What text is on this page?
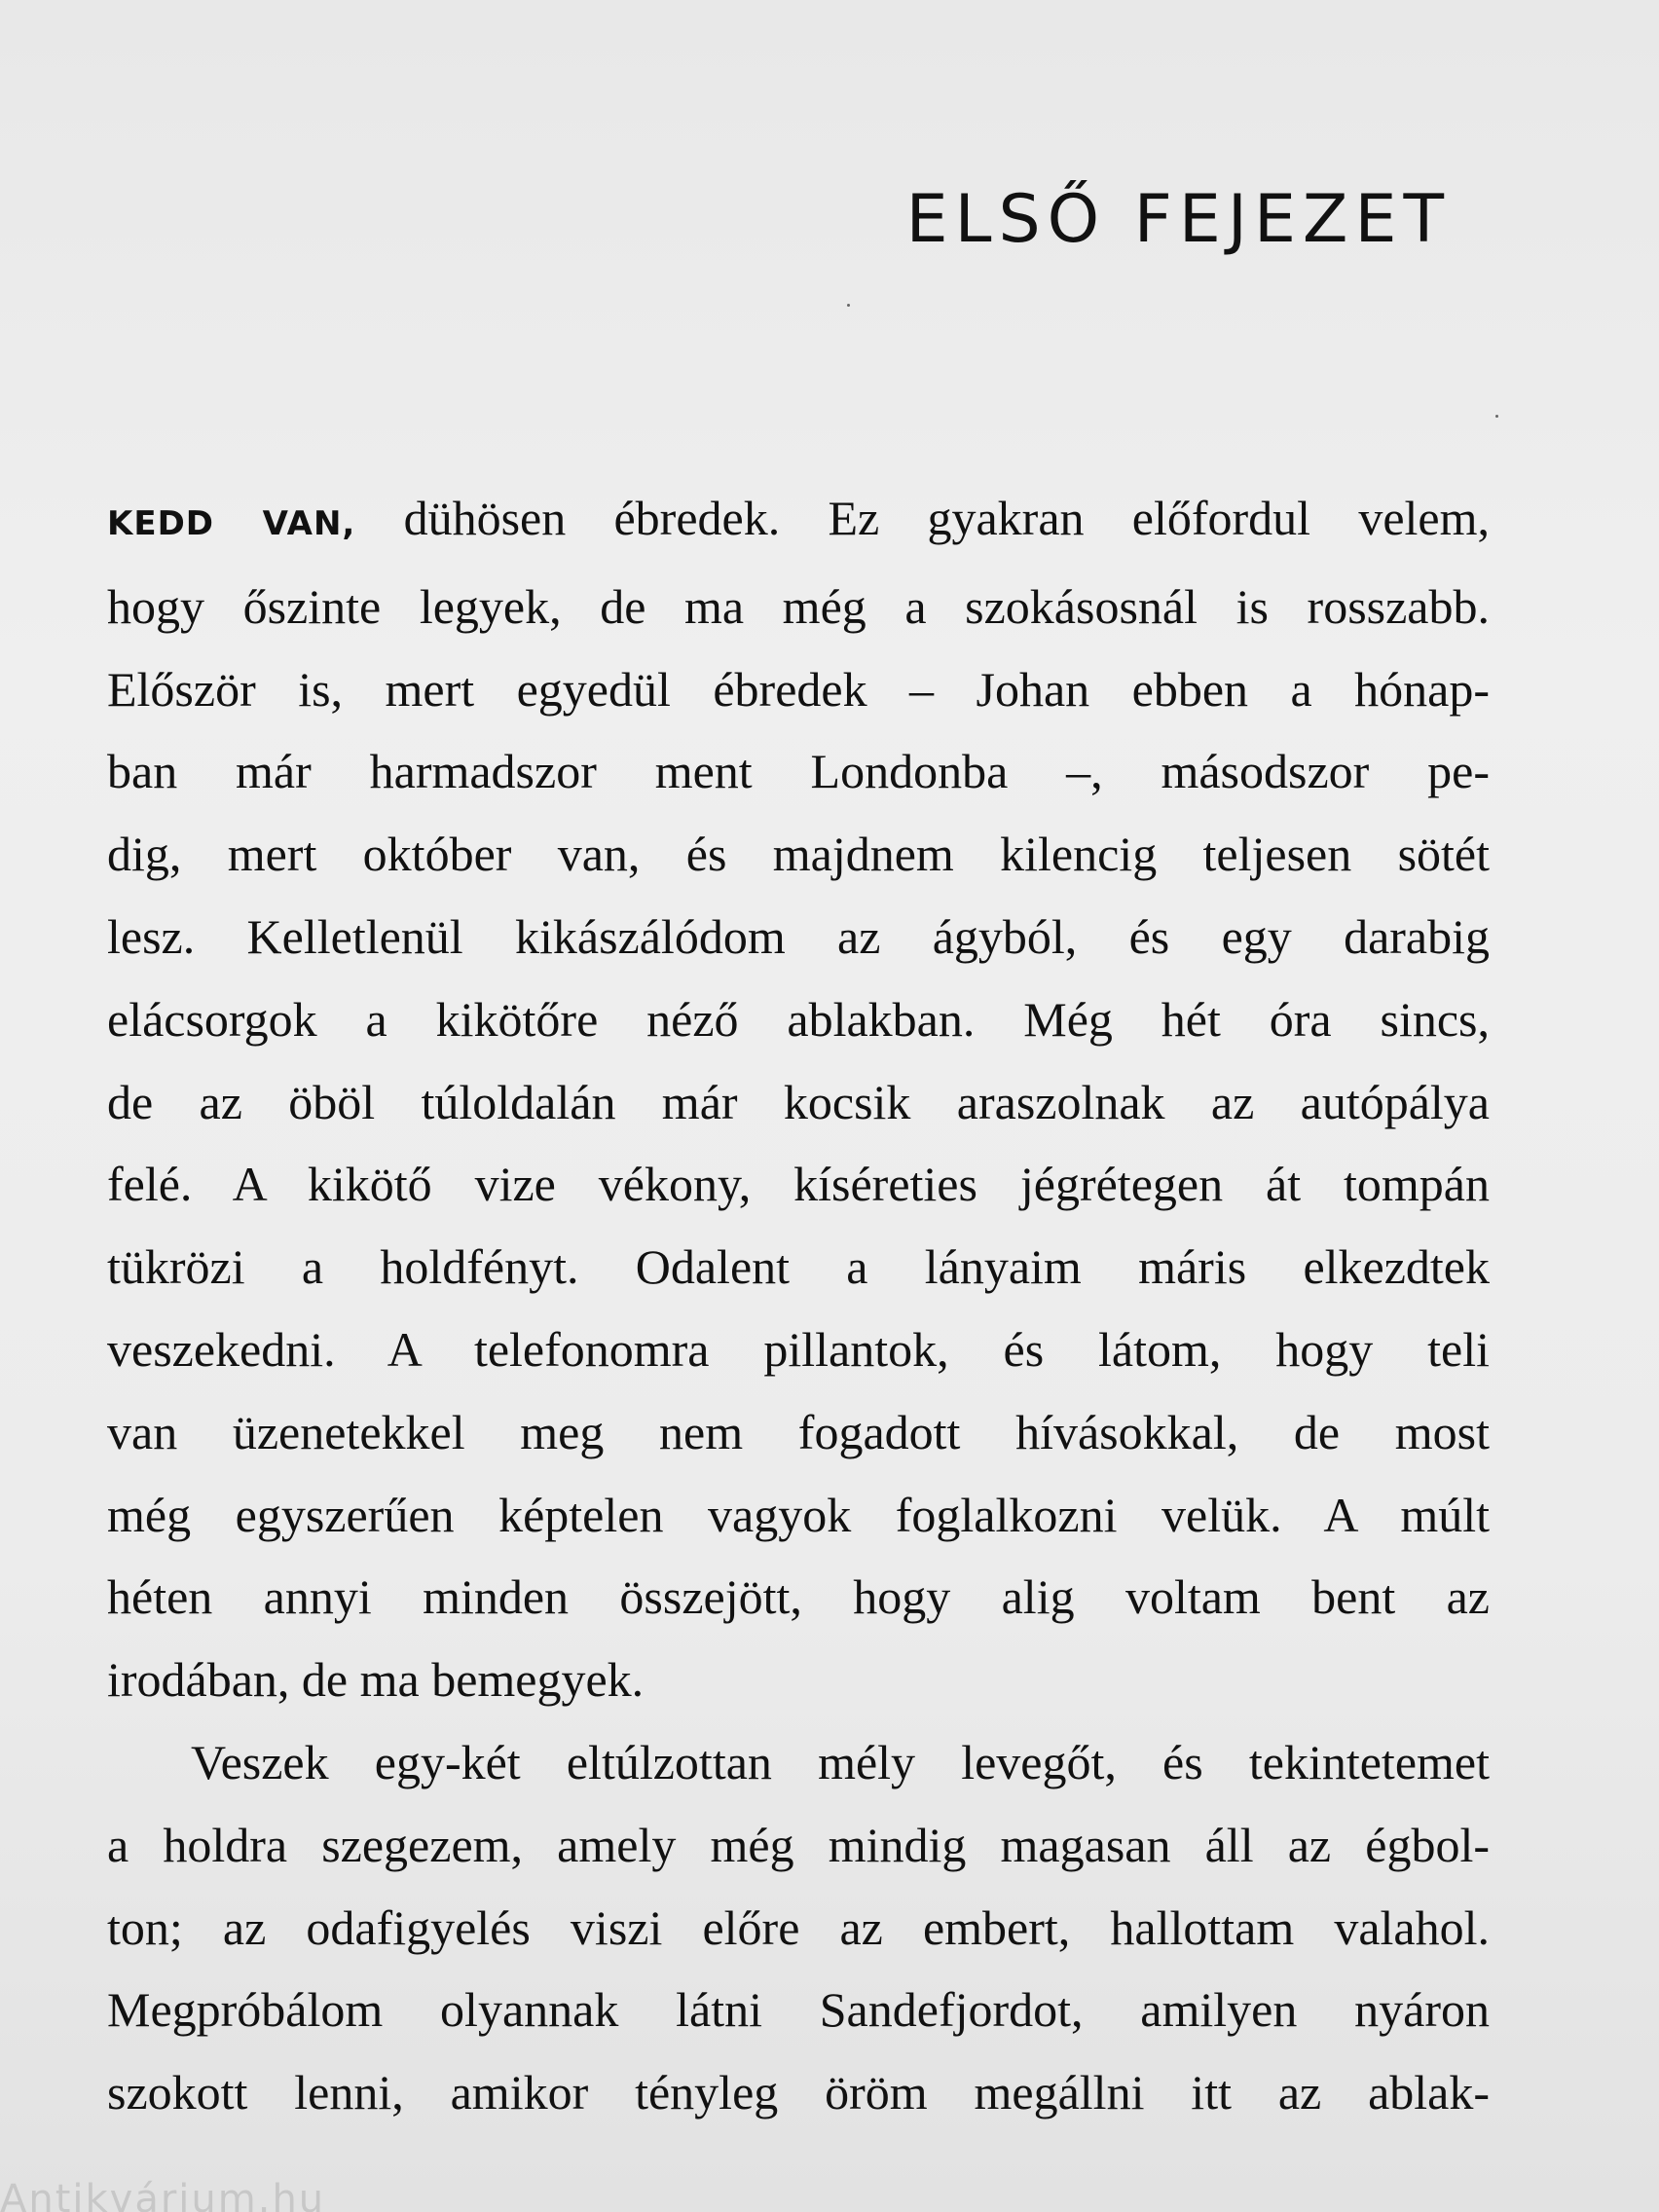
ELSŐ FEJEZET
KEDD VAN, dühösen ébredek. Ez gyakran előfordul velem,
hogy őszinte legyek, de ma még a szokásosnál is rosszabb.
Először is, mert egyedül ébredek – Johan ebben a hónap-
ban már harmadszor ment Londonba –, másodszor pe-
dig, mert október van, és majdnem kilencig teljesen sötét
lesz. Kelletlenül kikászálódom az ágyból, és egy darabig
elácsorgok a kikötőre néző ablakban. Még hét óra sincs,
de az öböl túloldalán már kocsik araszolnak az autópálya
felé. A kikötő vize vékony, kíséreties jégrétegen át tompán
tükrözi a holdfényt. Odalent a lányaim máris elkezdtek
veszekedni. A telefonomra pillantok, és látom, hogy teli
van üzenetekkel meg nem fogadott hívásokkal, de most
még egyszerűen képtelen vagyok foglalkozni velük. A múlt
héten annyi minden összejött, hogy alig voltam bent az
irodában, de ma bemegyek.
Veszek egy-két eltúlzottan mély levegőt, és tekintetemet
a holdra szegezem, amely még mindig magasan áll az égbol-
ton; az odafigyelés viszi előre az embert, hallottam valahol.
Megpróbálom olyannak látni Sandefjordot, amilyen nyáron
szokott lenni, amikor tényleg öröm megállni itt az ablak-
Antikvárium.hu
